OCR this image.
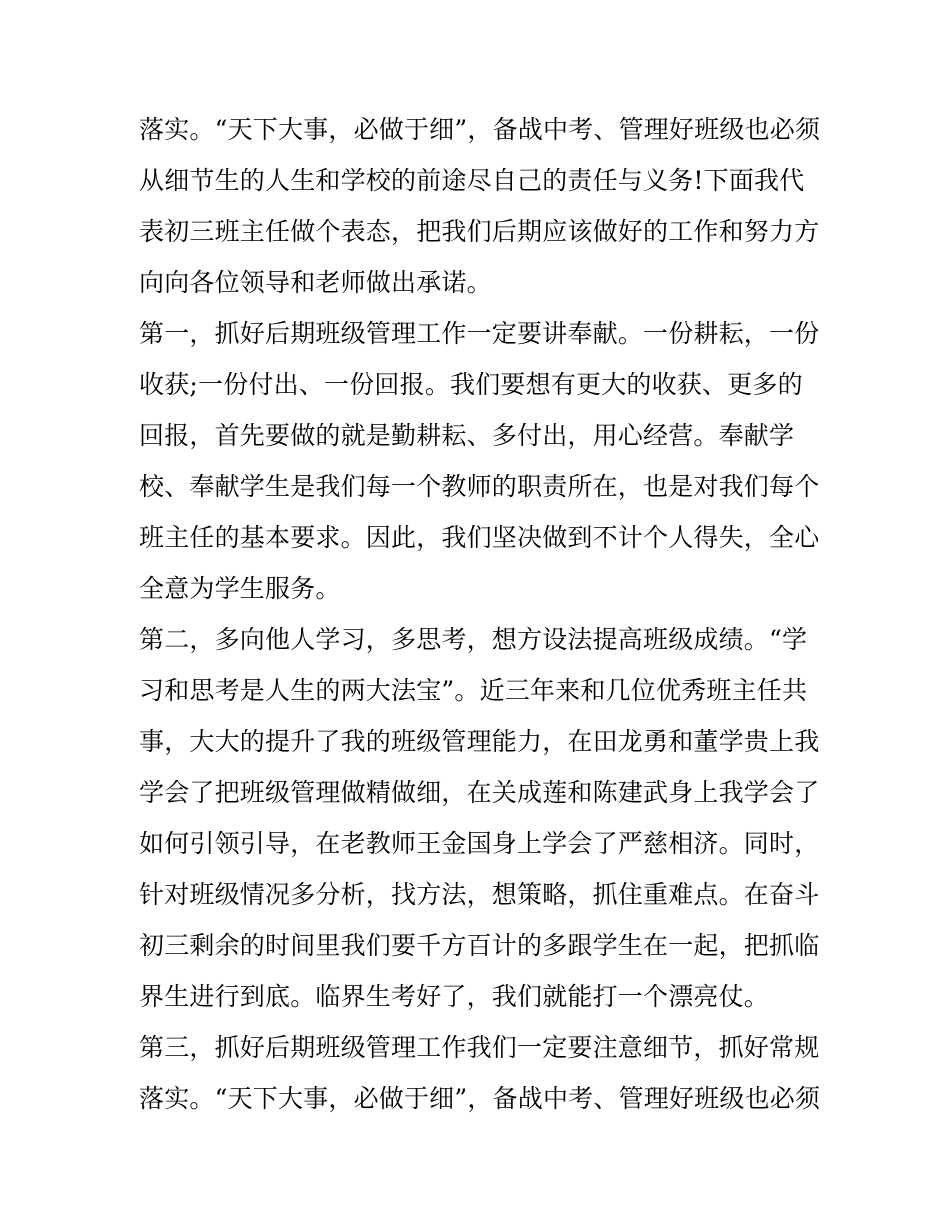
落实。“天下大事，必做于细”，备战中考、管理好班级也必须
从细节生的人生和学校的前途尽自己的责任与义务!下面我代
表初三班主任做个表态，把我们后期应该做好的工作和努力方
向向各位领导和老师做出承诺。
第一，抓好后期班级管理工作一定要讲奉献。一份耕耘，一份
收获;一份付出、一份回报。我们要想有更大的收获、更多的
回报，首先要做的就是勤耕耘、多付出，用心经营。奉献学
校、奉献学生是我们每一个教师的职责所在，也是对我们每个
班主任的基本要求。因此，我们坚决做到不计个人得失，全心
全意为学生服务。
第二，多向他人学习，多思考，想方设法提高班级成绩。“学
习和思考是人生的两大法宝”。近三年来和几位优秀班主任共
事，大大的提升了我的班级管理能力，在田龙勇和董学贵上我
学会了把班级管理做精做细，在关成莲和陈建武身上我学会了
如何引领引导，在老教师王金国身上学会了严慈相济。同时，
针对班级情况多分析，找方法，想策略，抓住重难点。在奋斗
初三剩余的时间里我们要千方百计的多跟学生在一起，把抓临
界生进行到底。临界生考好了，我们就能打一个漂亮仗。
第三，抓好后期班级管理工作我们一定要注意细节，抓好常规
落实。“天下大事，必做于细”，备战中考、管理好班级也必须
